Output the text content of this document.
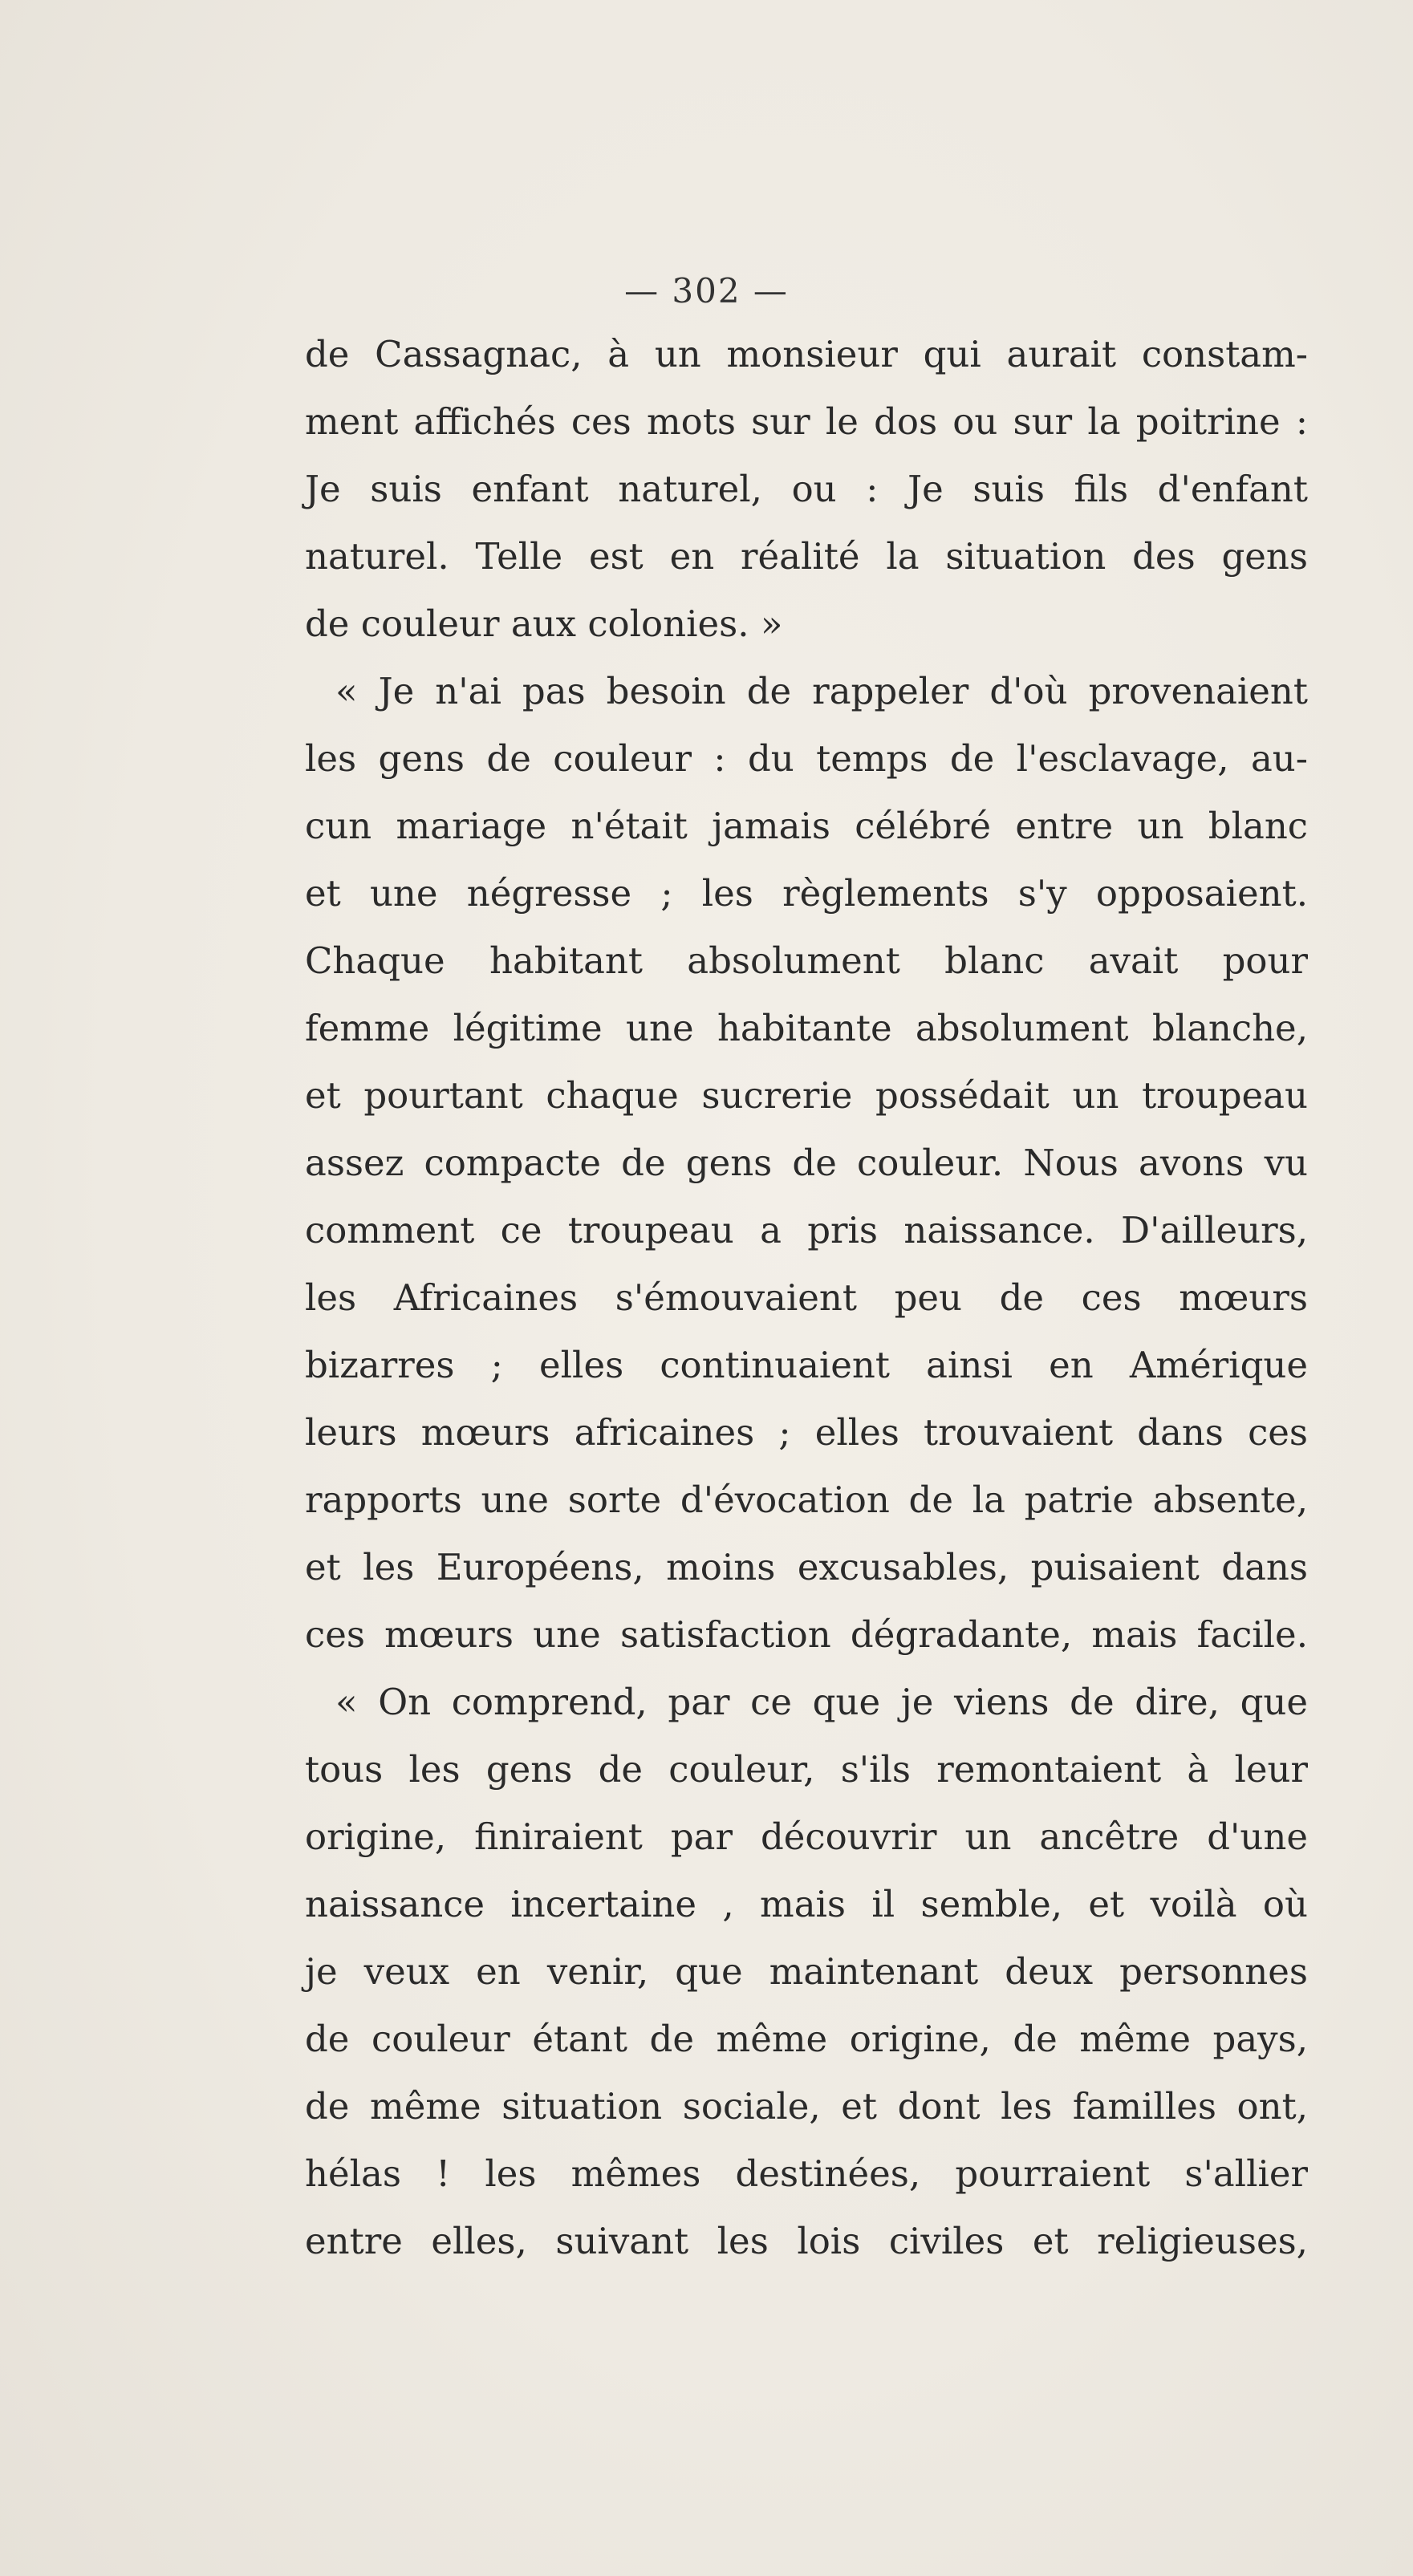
— 302 —
de Cassagnac, à un monsieur qui aurait constam-
ment affichés ces mots sur le dos ou sur la poitrine :
Je suis enfant naturel, ou : Je suis fils d'enfant
naturel. Telle est en réalité la situation des gens
de couleur aux colonies. »
« Je n'ai pas besoin de rappeler d'où provenaient
les gens de couleur : du temps de l'esclavage, au-
cun mariage n'était jamais célébré entre un blanc
et une négresse ; les règlements s'y opposaient.
Chaque habitant absolument blanc avait pour
femme légitime une habitante absolument blanche,
et pourtant chaque sucrerie possédait un troupeau
assez compacte de gens de couleur. Nous avons vu
comment ce troupeau a pris naissance. D'ailleurs,
les Africaines s'émouvaient peu de ces mœurs
bizarres ; elles continuaient ainsi en Amérique
leurs mœurs africaines ; elles trouvaient dans ces
rapports une sorte d'évocation de la patrie absente,
et les Européens, moins excusables, puisaient dans
ces mœurs une satisfaction dégradante, mais facile.
« On comprend, par ce que je viens de dire, que
tous les gens de couleur, s'ils remontaient à leur
origine, finiraient par découvrir un ancêtre d'une
naissance incertaine , mais il semble, et voilà où
je veux en venir, que maintenant deux personnes
de couleur étant de même origine, de même pays,
de même situation sociale, et dont les familles ont,
hélas ! les mêmes destinées, pourraient s'allier
entre elles, suivant les lois civiles et religieuses,
